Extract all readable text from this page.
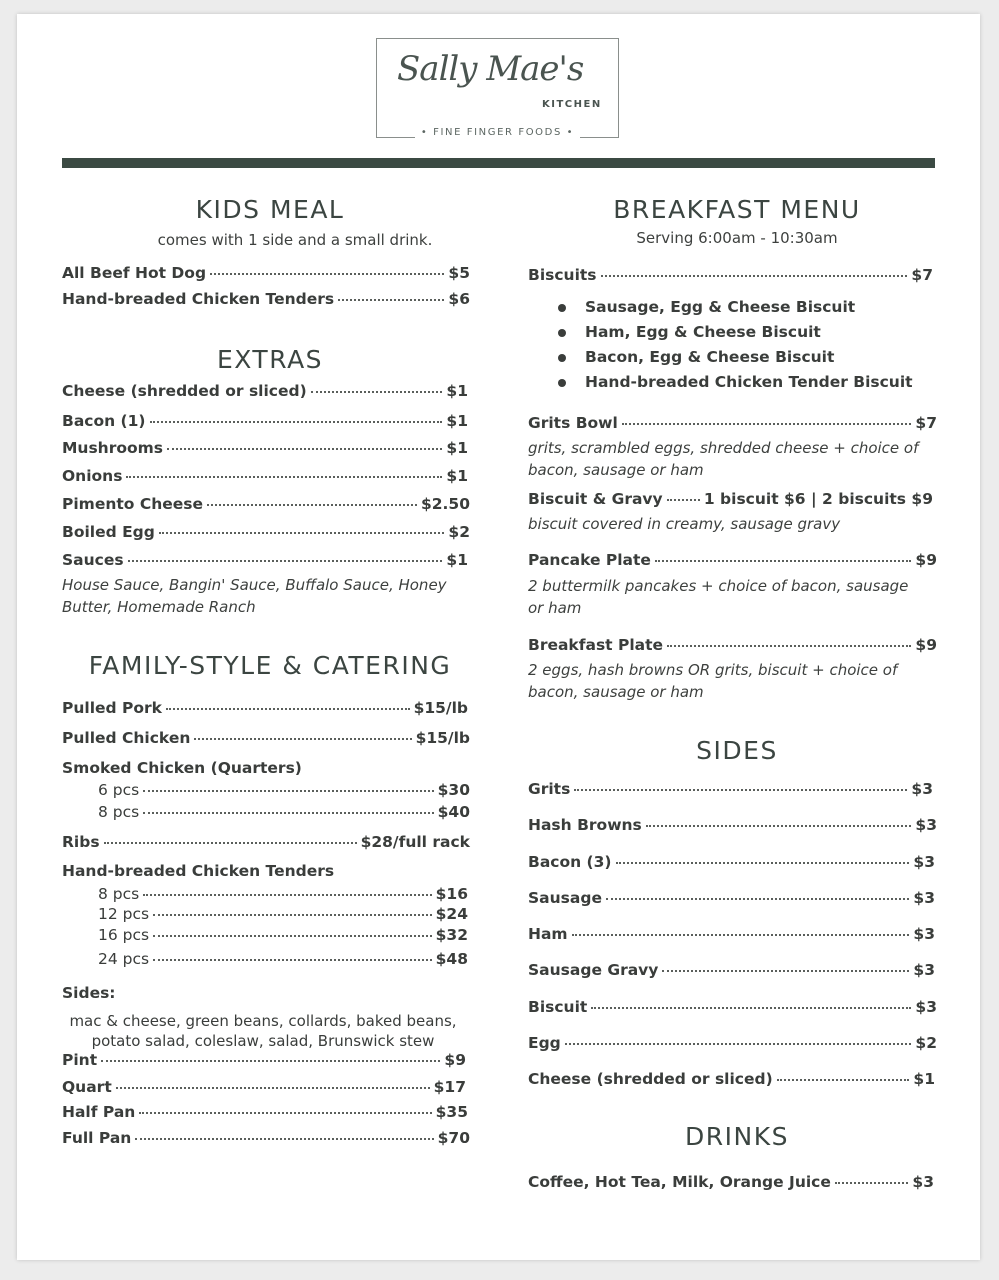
Sally Mae's
KITCHEN
• FINE FINGER FOODS •
KIDS MEAL
comes with 1 side and a small drink.
All Beef Hot Dog	$5
Hand-breaded Chicken Tenders	$6
EXTRAS
Cheese (shredded or sliced)	$1
Bacon (1)	$1
Mushrooms	$1
Onions	$1
Pimento Cheese	$2.50
Boiled Egg	$2
Sauces	$1
House Sauce, Bangin' Sauce, Buffalo Sauce, Honey Butter, Homemade Ranch
FAMILY-STYLE & CATERING
Pulled Pork	$15/lb
Pulled Chicken	$15/lb
Smoked Chicken (Quarters)
6 pcs	$30
8 pcs	$40
Ribs	$28/full rack
Hand-breaded Chicken Tenders
8 pcs	$16
12 pcs	$24
16 pcs	$32
24 pcs	$48
Sides:
mac & cheese, green beans, collards, baked beans,
potato salad, coleslaw, salad, Brunswick stew
Pint	$9
Quart	$17
Half Pan	$35
Full Pan	$70
BREAKFAST MENU
Serving 6:00am - 10:30am
Biscuits	$7
Sausage, Egg & Cheese Biscuit
Ham, Egg & Cheese Biscuit
Bacon, Egg & Cheese Biscuit
Hand-breaded Chicken Tender Biscuit
Grits Bowl	$7
grits, scrambled eggs, shredded cheese + choice of bacon, sausage or ham
Biscuit & Gravy	1 biscuit $6 | 2 biscuits $9
biscuit covered in creamy, sausage gravy
Pancake Plate	$9
2 buttermilk pancakes + choice of bacon, sausage or ham
Breakfast Plate	$9
2 eggs, hash browns OR grits, biscuit + choice of bacon, sausage or ham
SIDES
Grits	$3
Hash Browns	$3
Bacon (3)	$3
Sausage	$3
Ham	$3
Sausage Gravy	$3
Biscuit	$3
Egg	$2
Cheese (shredded or sliced)	$1
DRINKS
Coffee, Hot Tea, Milk, Orange Juice	$3
